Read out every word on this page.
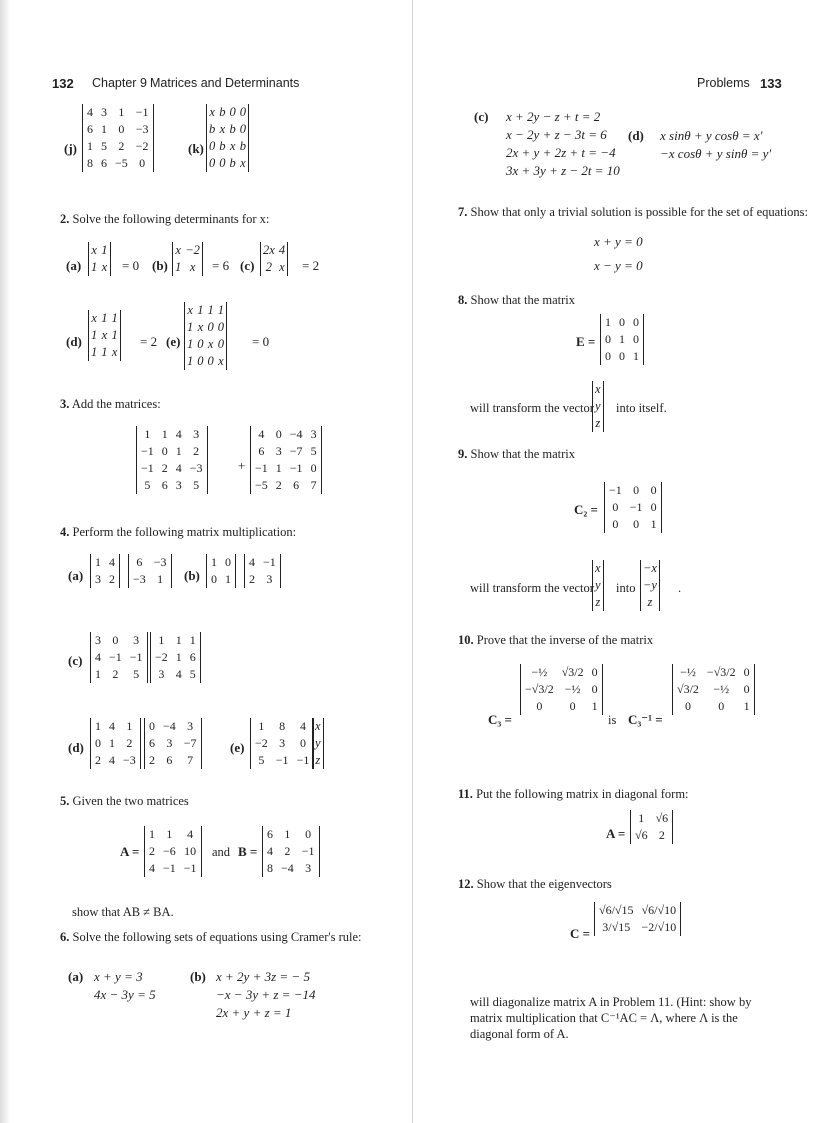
132 Chapter 9 Matrices and Determinants
(j)
4	3	1	−1
6	1	0	−3
1	5	2	−2
8	6	−5	0
(k)
x	b	0	0
b	x	b	0
0	b	x	b
0	0	b	x
2. Solve the following determinants for x:
(a)
x	1
1	x = 0 (b)
x	−2
1	x = 6 (c)
2x	4
2	x = 2
(d)
x	1	1
1	x	1
1	1	x
= 2 (e)
x	1	1	1
1	x	0	0
1	0	x	0
1	0	0	x
= 0
3. Add the matrices:
1	1	4	3
−1	0	1	2
−1	2	4	−3
5	6	3	5
+
4	0	−4	3
6	3	−7	5
−1	1	−1	0
−5	2	6	7
4. Perform the following matrix multiplication:
(a)
1	4
3	2
6	−3
−3	1 (b)
1	0
0	1
4	−1
2	3
(c)
3	0	3
4	−1	−1
1	2	5
1	1	1
−2	1	6
3	4	5
(d)
1	4	1
0	1	2
2	4	−3
0	−4	3
6	3	−7
2	6	7
(e)
1	8	4
−2	3	0
5	−1	−1
x
y
z
5. Given the two matrices
A =
1	1	4
2	−6	10
4	−1	−1
and B =
6	1	0
4	2	−1
8	−4	3
show that AB ≠ BA.
6. Solve the following sets of equations using Cramer's rule:
(a) x + y = 3
4x − 3y = 5
(b) x + 2y + 3z = − 5
−x − 3y + z = −14
2x + y + z = 1
Problems 133
(c) x + 2y − z + t = 2
x − 2y + z − 3t = 6
2x + y + 2z + t = −4
3x + 3y + z − 2t = 10
(d) x sinθ + y cosθ = x′
−x cosθ + y sinθ = y′
7. Show that only a trivial solution is possible for the set of equations:
x + y = 0
x − y = 0
8. Show that the matrix
E =
1	0	0
0	1	0
0	0	1
will transform the vector
x
y
z
into itself.
9. Show that the matrix
C₂ =
−1	0	0
0	−1	0
0	0	1
will transform the vector
x
y
z
into
−x
−y
z
.
10. Prove that the inverse of the matrix
C₃ =
−½	√3/2	0
−√3/2	−½	0
0	0	1
is C₃⁻¹ =
−½	−√3/2	0
√3/2	−½	0
0	0	1
11. Put the following matrix in diagonal form:
A =
1	√6
√6	2
12. Show that the eigenvectors
C =
√6/√15	√6/√10
3/√15	−2/√10
will diagonalize matrix A in Problem 11. (Hint: show by matrix multiplication that C⁻¹AC = Λ, where Λ is the diagonal form of A.
